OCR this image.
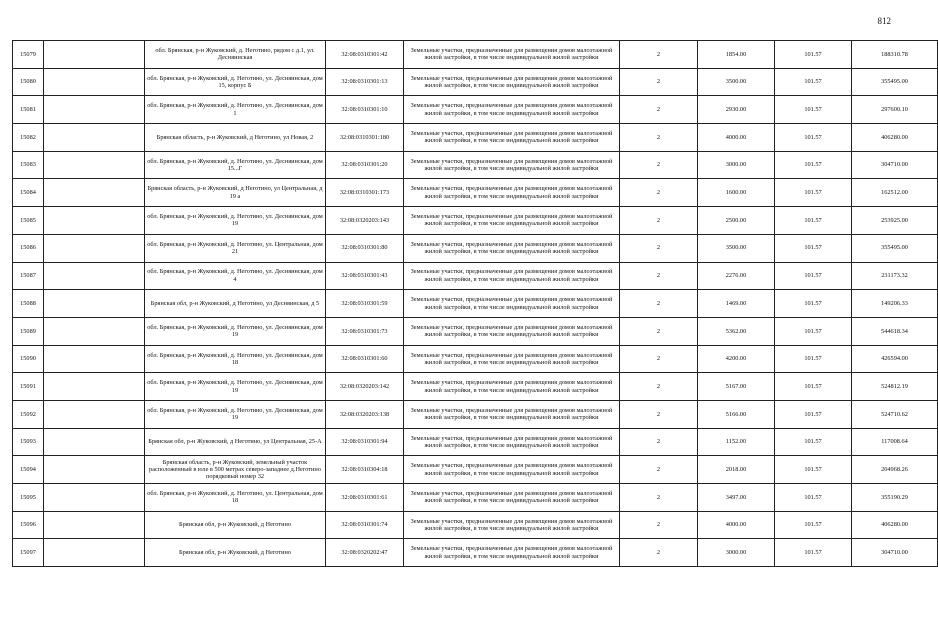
812
15079		обл. Брянская, р-н Жуковский, д. Неготино, рядом с д.1, ул. Десняинская	32:08:0310301:42	Земельные участки, предназначенные для размещения домов малоэтажной жилой застройки, в том числе индивидуальной жилой застройки	2	1854.00	101.57	188310.78
15080		обл. Брянская, р-н Жуковский, д. Неготино, ул. Десняинская, дом 15, корпус Б	32:08:0310301:13	Земельные участки, предназначенные для размещения домов малоэтажной жилой застройки, в том числе индивидуальной жилой застройки	2	3500.00	101.57	355495.00
15081		обл. Брянская, р-н Жуковский, д. Неготино, ул. Десняинская, дом 1	32:08:0310301:10	Земельные участки, предназначенные для размещения домов малоэтажной жилой застройки, в том числе индивидуальной жилой застройки	2	2930.00	101.57	297600.10
15082		Брянская область, р-н Жуковский, д Неготино, ул Новая, 2	32:08:0310301:180	Земельные участки, предназначенные для размещения домов малоэтажной жилой застройки, в том числе индивидуальной жилой застройки	2	4000.00	101.57	406280.00
15083		обл. Брянская, р-н Жуковский, д. Неготино, ул. Десняинская, дом 15...Г	32:08:0310301:20	Земельные участки, предназначенные для размещения домов малоэтажной жилой застройки, в том числе индивидуальной жилой застройки	2	3000.00	101.57	304710.00
15084		Брянская область, р-н Жуковский, д Неготино, ул Центральная, д 19 а	32:08:0310301:173	Земельные участки, предназначенные для размещения домов малоэтажной жилой застройки, в том числе индивидуальной жилой застройки	2	1600.00	101.57	162512.00
15085		обл. Брянская, р-н Жуковский, д. Неготино, ул. Десняинская, дом 19	32:08:0320203:143	Земельные участки, предназначенные для размещения домов малоэтажной жилой застройки, в том числе индивидуальной жилой застройки	2	2500.00	101.57	253925.00
15086		обл. Брянская, р-н Жуковский, д. Неготино, ул. Центральная, дом 21	32:08:0310301:80	Земельные участки, предназначенные для размещения домов малоэтажной жилой застройки, в том числе индивидуальной жилой застройки	2	3500.00	101.57	355495.00
15087		обл. Брянская, р-н Жуковский, д. Неготино, ул. Десняинская, дом 4	32:08:0310301:43	Земельные участки, предназначенные для размещения домов малоэтажной жилой застройки, в том числе индивидуальной жилой застройки	2	2276.00	101.57	231173.32
15088		Брянская обл, р-н Жуковский, д Неготино, ул Десняинская, д 5	32:08:0310301:59	Земельные участки, предназначенные для размещения домов малоэтажной жилой застройки, в том числе индивидуальной жилой застройки	2	1469.00	101.57	149206.33
15089		обл. Брянская, р-н Жуковский, д. Неготино, ул. Десняинская, дом 19	32:08:0310301:73	Земельные участки, предназначенные для размещения домов малоэтажной жилой застройки, в том числе индивидуальной жилой застройки	2	5362.00	101.57	544618.34
15090		обл. Брянская, р-н Жуковский, д. Неготино, ул. Десняинская, дом 18	32:08:0310301:60	Земельные участки, предназначенные для размещения домов малоэтажной жилой застройки, в том числе индивидуальной жилой застройки	2	4200.00	101.57	426594.00
15091		обл. Брянская, р-н Жуковский, д. Неготино, ул. Десняинская, дом 19	32:08:0320203:142	Земельные участки, предназначенные для размещения домов малоэтажной жилой застройки, в том числе индивидуальной жилой застройки	2	5167.00	101.57	524812.19
15092		обл. Брянская, р-н Жуковский, д. Неготино, ул. Десняинская, дом 19	32:08:0320203:138	Земельные участки, предназначенные для размещения домов малоэтажной жилой застройки, в том числе индивидуальной жилой застройки	2	5166.00	101.57	524710.62
15093		Брянская обл, р-н Жуковский, д Неготино, ул Центральная, 25-А	32:08:0310301:94	Земельные участки, предназначенные для размещения домов малоэтажной жилой застройки, в том числе индивидуальной жилой застройки	2	1152.00	101.57	117008.64
15094		Брянская область, р-н Жуковский, земельный участок расположенный в юле в 500 метрах северо-западнее д.Неготино порядковый номер 32	32:08:0310304:18	Земельные участки, предназначенные для размещения домов малоэтажной жилой застройки, в том числе индивидуальной жилой застройки	2	2018.00	101.57	204968.26
15095		обл. Брянская, р-н Жуковский, д. Неготино, ул. Центральная, дом 18	32:08:0310301:61	Земельные участки, предназначенные для размещения домов малоэтажной жилой застройки, в том числе индивидуальной жилой застройки	2	3497.00	101.57	355190.29
15096		Брянская обл, р-н Жуковский, д Неготино	32:08:0310301:74	Земельные участки, предназначенные для размещения домов малоэтажной жилой застройки, в том числе индивидуальной жилой застройки	2	4000.00	101.57	406280.00
15097		Брянская обл, р-н Жуковский, д Неготино	32:08:0320202:47	Земельные участки, предназначенные для размещения домов малоэтажной жилой застройки, в том числе индивидуальной жилой застройки	2	3000.00	101.57	304710.00
